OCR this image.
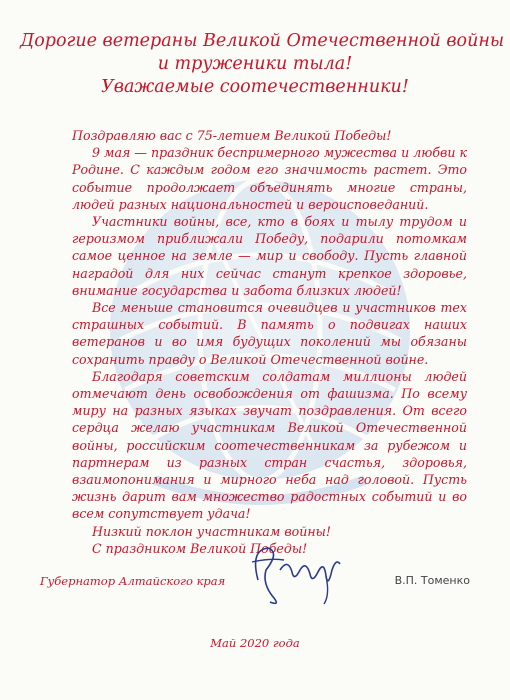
Дорогие ветераны Великой Отечественной войны
и труженики тыла!
Уважаемые соотечественники!

Поздравляю вас с 75-летием Великой Победы!

9 мая — праздник беспримерного мужества и любви к Родине. С каждым годом его значимость растет. Это событие продолжает объединять многие страны, людей разных национальностей и вероисповеданий.

Участники войны, все, кто в боях и тылу трудом и героизмом приближали Победу, подарили потомкам самое ценное на земле — мир и свободу. Пусть главной наградой для них сейчас станут крепкое здоровье, внимание государства и забота близких людей!

Все меньше становится очевидцев и участников тех страшных событий. В память о подвигах наших ветеранов и во имя будущих поколений мы обязаны сохранить правду о Великой Отечественной войне.

Благодаря советским солдатам миллионы людей отмечают день освобождения от фашизма. По всему миру на разных языках звучат поздравления. От всего сердца желаю участникам Великой Отечественной войны, российским соотечественникам за рубежом и партнерам из разных стран счастья, здоровья, взаимопонимания и мирного неба над головой. Пусть жизнь дарит вам множество радостных событий и во всем сопутствует удача!

Низкий поклон участникам войны!

С праздником Великой Победы!

Губернатор Алтайского края	В.П. Томенко
Май 2020 года
